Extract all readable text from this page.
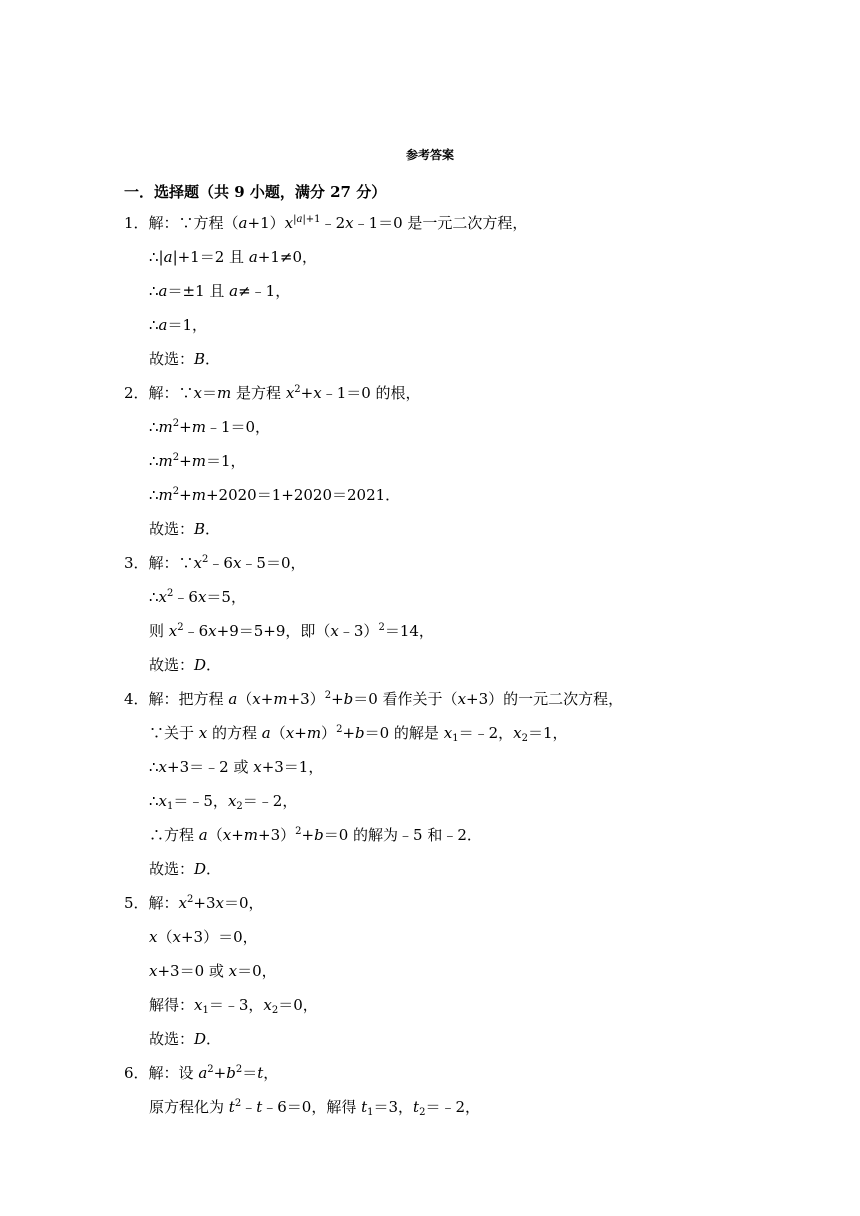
参考答案
一．选择题（共 9 小题，满分 27 分）
1．解：∵方程$(a+1)x^{|a|+1}﹣2x﹣1=0$ 是一元二次方程，
∴|a|+1＝2 且 a+1≠0，
∴a＝±1 且 a≠﹣1，
∴a＝1，
故选：B．
2．解：∵x＝m 是方程 $x^2+x﹣1=0$ 的根，
$\therefore m^2+m﹣1=0$，
$\therefore m^2+m=1$，
$\therefore m^2+m+2020=1+2020=2021$．
故选：B．
3．解：$\because x^2﹣6x﹣5=0$，
$\therefore x^2﹣6x=5$，
则 $x^2﹣6x+9=5+9$，即（x﹣3）$^2$＝14，
故选：D．
4．解：把方程 $a(x+m+3)^2+b=0$ 看作关于（x+3）的一元二次方程，
∵关于 x 的方程 $a(x+m)^2+b=0$ 的解是 $x_1=﹣2$，$x_2=1$，
∴x+3＝﹣2 或 x+3＝1，
$\therefore x_1=﹣5$，$x_2=﹣2$，
∴方程 $a(x+m+3)^2+b=0$ 的解为﹣5 和﹣2．
故选：D．
5．解：$x^2+3x=0$，
x（x+3）＝0，
x+3＝0 或 x＝0，
解得：$x_1=﹣3$，$x_2=0$，
故选：D．
6．解：设 $a^2+b^2=t$，
原方程化为 $t^2﹣t﹣6=0$，解得 $t_1=3$，$t_2=﹣2$，
